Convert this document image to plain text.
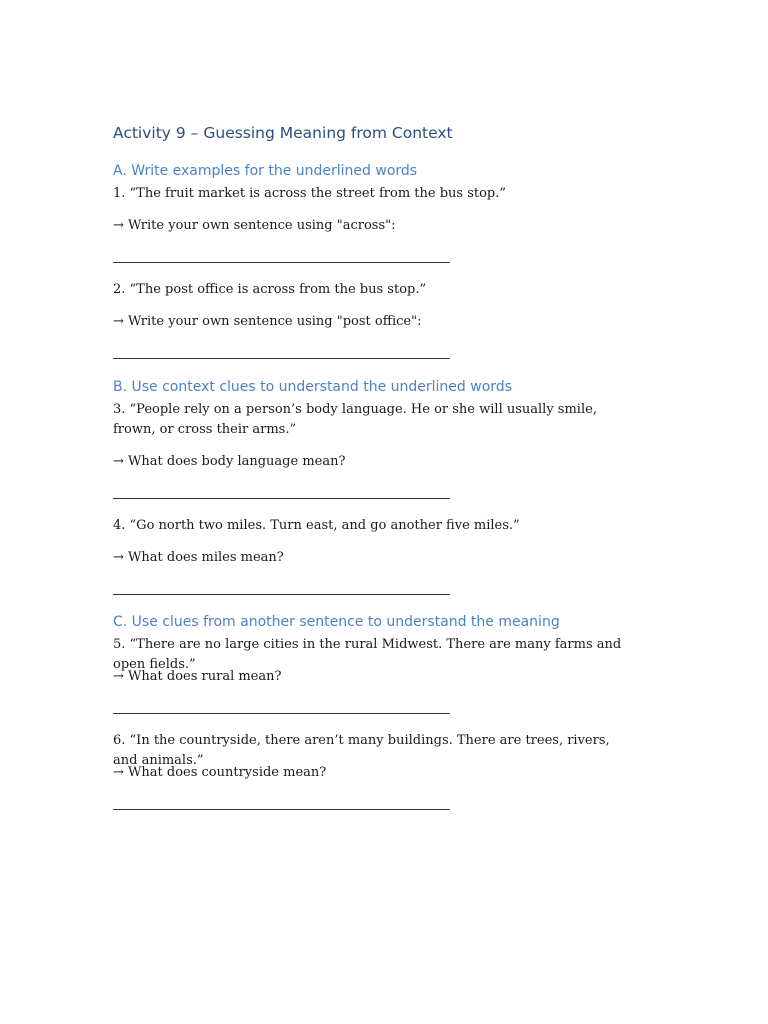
Activity 9 – Guessing Meaning from Context
A. Write examples for the underlined words
1. “The fruit market is across the street from the bus stop.”
→ Write your own sentence using "across":
2. “The post office is across from the bus stop.”
→ Write your own sentence using "post office":
B. Use context clues to understand the underlined words
3. “People rely on a person’s body language. He or she will usually smile, frown, or cross their arms.”
→ What does body language mean?
4. “Go north two miles. Turn east, and go another five miles.”
→ What does miles mean?
C. Use clues from another sentence to understand the meaning
5. “There are no large cities in the rural Midwest. There are many farms and open fields.”
→ What does rural mean?
6. “In the countryside, there aren’t many buildings. There are trees, rivers, and animals.”
→ What does countryside mean?
